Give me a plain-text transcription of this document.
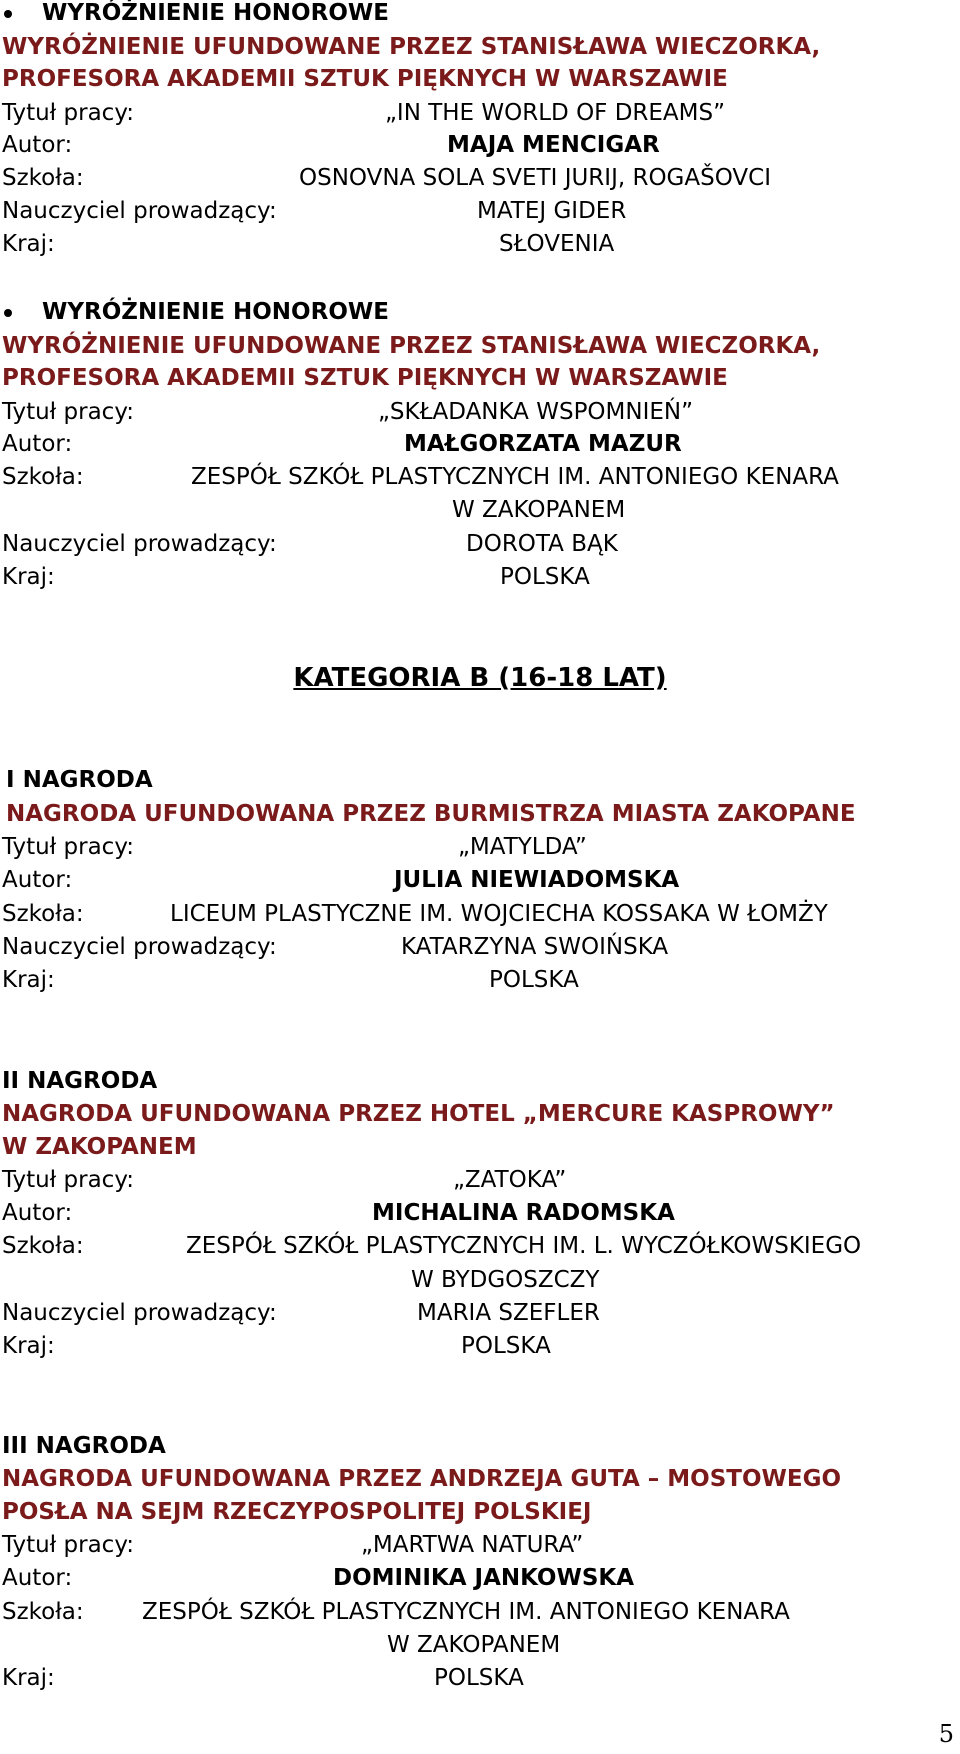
WYRÓŻNIENIE HONOROWE
WYRÓŻNIENIE UFUNDOWANE PRZEZ STANISŁAWA WIECZORKA,
PROFESORA AKADEMII SZTUK PIĘKNYCH W WARSZAWIE
Tytuł pracy:	„IN THE WORLD OF DREAMS”
Autor:	MAJA MENCIGAR
Szkoła:	OSNOVNA SOLA SVETI JURIJ, ROGAŠOVCI
Nauczyciel prowadzący:	MATEJ GIDER
Kraj:	SŁOVENIA
WYRÓŻNIENIE HONOROWE
WYRÓŻNIENIE UFUNDOWANE PRZEZ STANISŁAWA WIECZORKA,
PROFESORA AKADEMII SZTUK PIĘKNYCH W WARSZAWIE
Tytuł pracy:	„SKŁADANKA WSPOMNIEŃ”
Autor:	MAŁGORZATA MAZUR
Szkoła:	ZESPÓŁ SZKÓŁ PLASTYCZNYCH IM. ANTONIEGO KENARA
W ZAKOPANEM
Nauczyciel prowadzący:	DOROTA BĄK
Kraj:	POLSKA
KATEGORIA B (16-18 LAT)
I NAGRODA
NAGRODA UFUNDOWANA PRZEZ BURMISTRZA MIASTA ZAKOPANE
Tytuł pracy:	„MATYLDA”
Autor:	JULIA NIEWIADOMSKA
Szkoła:	LICEUM PLASTYCZNE IM. WOJCIECHA KOSSAKA W ŁOMŻY
Nauczyciel prowadzący:	KATARZYNA SWOIŃSKA
Kraj:	POLSKA
II NAGRODA
NAGRODA UFUNDOWANA PRZEZ HOTEL „MERCURE KASPROWY”
W ZAKOPANEM
Tytuł pracy:	„ZATOKA”
Autor:	MICHALINA RADOMSKA
Szkoła:	ZESPÓŁ SZKÓŁ PLASTYCZNYCH IM. L. WYCZÓŁKOWSKIEGO
W BYDGOSZCZY
Nauczyciel prowadzący:	MARIA SZEFLER
Kraj:	POLSKA
III NAGRODA
NAGRODA UFUNDOWANA PRZEZ ANDRZEJA GUTA – MOSTOWEGO
POSŁA NA SEJM RZECZYPOSPOLITEJ POLSKIEJ
Tytuł pracy:	„MARTWA NATURA”
Autor:	DOMINIKA JANKOWSKA
Szkoła:	ZESPÓŁ SZKÓŁ PLASTYCZNYCH IM. ANTONIEGO KENARA
W ZAKOPANEM
Kraj:	POLSKA
5
